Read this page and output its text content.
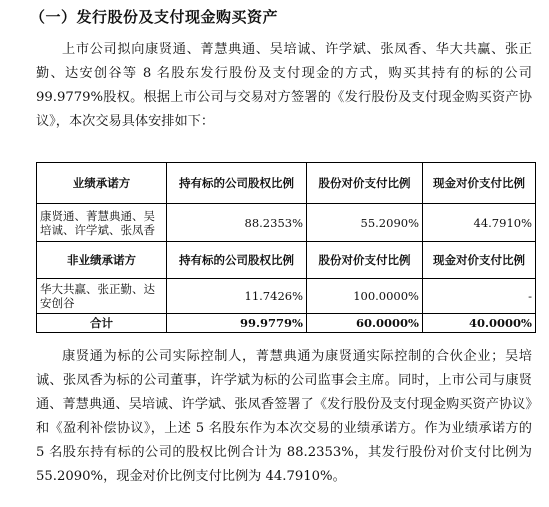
（一）发行股份及支付现金购买资产

上市公司拟向康贤通、菁慧典通、吴培诚、许学斌、张凤香、华大共赢、张正勤、达安创谷等 8 名股东发行股份及支付现金的方式，购买其持有的标的公司 99.9779%股权。根据上市公司与交易对方签署的《发行股份及支付现金购买资产协议》，本次交易具体安排如下：

业绩承诺方	持有标的公司股权比例	股份对价支付比例	现金对价支付比例
康贤通、菁慧典通、吴培诚、许学斌、张凤香	88.2353%	55.2090%	44.7910%
非业绩承诺方	持有标的公司股权比例	股份对价支付比例	现金对价支付比例
华大共赢、张正勤、达安创谷	11.7426%	100.0000%	-
合计	99.9779%	60.0000%	40.0000%

康贤通为标的公司实际控制人，菁慧典通为康贤通实际控制的合伙企业；吴培诚、张凤香为标的公司董事，许学斌为标的公司监事会主席。同时，上市公司与康贤通、菁慧典通、吴培诚、许学斌、张凤香签署了《发行股份及支付现金购买资产协议》和《盈利补偿协议》，上述 5 名股东作为本次交易的业绩承诺方。作为业绩承诺方的 5 名股东持有标的公司的股权比例合计为 88.2353%，其发行股份对价支付比例为 55.2090%，现金对价比例支付比例为 44.7910%。
